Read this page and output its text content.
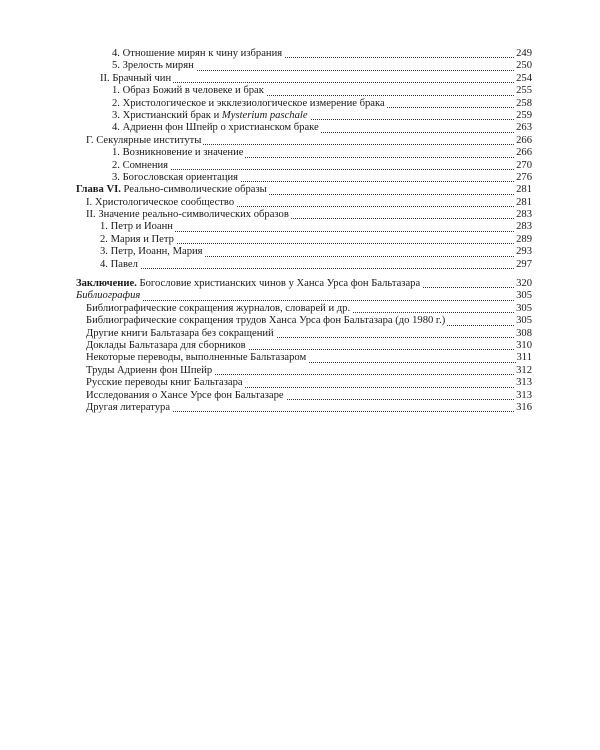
4. Отношение мирян к чину избрания	249
5. Зрелость мирян	250
II. Брачный чин	254
1. Образ Божий в человеке и брак	255
2. Христологическое и экклезиологическое измерение брака	258
3. Христианский брак и Mysterium paschale	259
4. Адриенн фон Шпейр о христианском браке	263
Г. Секулярные институты	266
1. Возникновение и значение	266
2. Сомнения	270
3. Богословская ориентация	276
Глава VI. Реально-символические образы	281
I. Христологическое сообщество	281
II. Значение реально-символических образов	283
1. Петр и Иоанн	283
2. Мария и Петр	289
3. Петр, Иоанн, Мария	293
4. Павел	297
Заключение. Богословие христианских чинов у Ханса Урса фон Бальтазара	320
Библиография	305
Библиографические сокращения журналов, словарей и др.	305
Библиографические сокращения трудов Ханса Урса фон Бальтазара (до 1980 г.)	305
Другие книги Бальтазара без сокращений	308
Доклады Бальтазара для сборников	310
Некоторые переводы, выполненные Бальтазаром	311
Труды Адриенн фон Шпейр	312
Русские переводы книг Бальтазара	313
Исследования о Хансе Урсе фон Бальтазаре	313
Другая литература	316
